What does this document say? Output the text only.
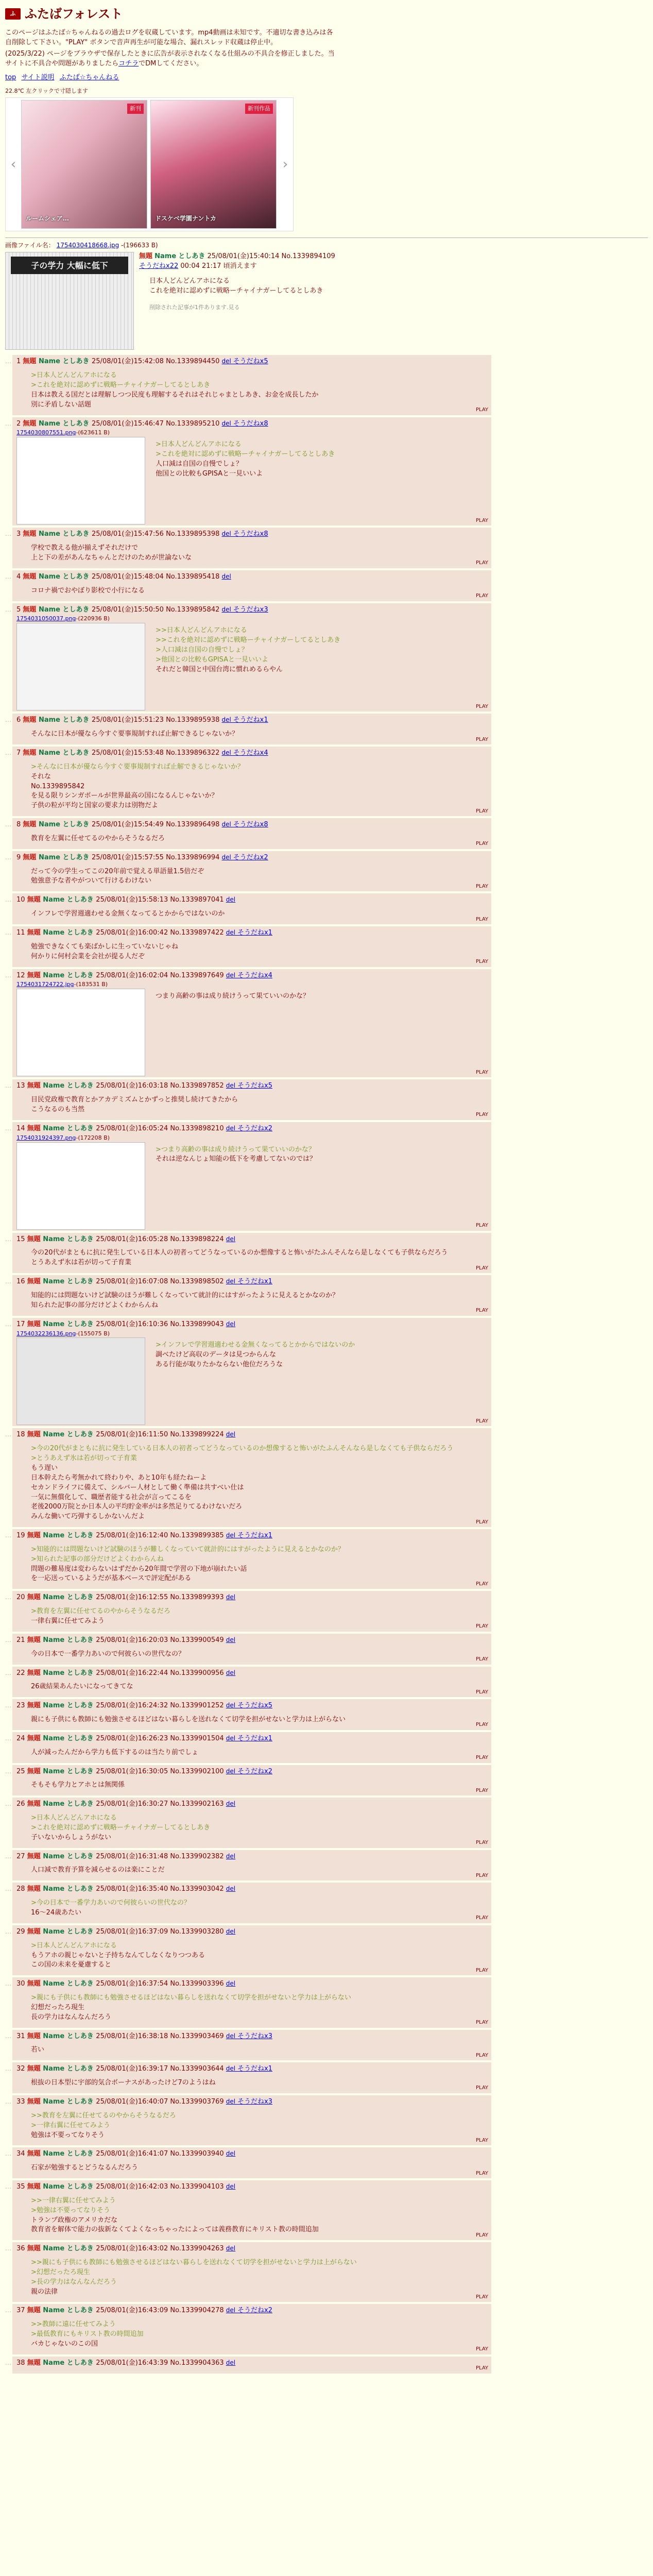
ふ ふたばフォレスト

このページはふたば☆ちゃんねるの過去ログを収蔵しています。mp4動画は未知です。不適切な書き込みは各自削除して下さい。"PLAY" ボタンで音声再生が可能な場合、漏れスレッド収蔵は停止中。

(2025/3/22) ページをブラウザで保存したときに広告が表示されなくなる仕組みの不具合を修正しました。当サイトに不具合や問題がありましたらコチラでDMしてください。

top サイト説明 ふたば☆ちゃんねる
22.8℃ 左クリックで寸隠します
‹
新刊
ルームシェア…
新刊作品
ドスケベ学園ナントカ
›
画像ファイル名： 1754030418668.jpg -(196633 B)
子の学力 大幅に低下
無題 Name としあき 25/08/01(金)15:40:14 No.1339894109
そうだねx22 00:04 21:17 頃消えます
日本人どんどんアホになる
これを絶対に認めずに戦略ーチャイナガーしてるとしあき
削除された記事が1件あります.見る
… 1 無題 Name としあき 25/08/01(金)15:42:08 No.1339894450 del そうだねx5
>日本人どんどんアホになる
>これを絶対に認めずに戦略ーチャイナガーしてるとしあき
日本は教える国だとは理解しつつ民度も理解するそれはそれじゃまとしあき、お金を成長したか
別に矛盾しない話題
PLAY
… 2 無題 Name としあき 25/08/01(金)15:46:47 No.1339895210 del そうだねx8
1754030807551.png-(623611 B)
>日本人どんどんアホになる
>これを絶対に認めずに戦略ーチャイナガーしてるとしあき
人口減は自国の自慢でしょ？
他国との比較もGPISAと一見いいよ
PLAY
… 3 無題 Name としあき 25/08/01(金)15:47:56 No.1339895398 del そうだねx8
学校で教える他が揃えずそれだけで
上と下の差があんなちゃんとだけのためが世論ないな
PLAY
… 4 無題 Name としあき 25/08/01(金)15:48:04 No.1339895418 del
コロナ禍でおやぼり影校で小行になる
PLAY
… 5 無題 Name としあき 25/08/01(金)15:50:50 No.1339895842 del そうだねx3
1754031050037.png-(220936 B)
>>日本人どんどんアホになる
>>これを絶対に認めずに戦略ーチャイナガーしてるとしあき
>人口減は自国の自慢でしょ？
>他国との比較もGPISAと一見いいよ
それだと韓国と中国台湾に慣れめるらやん
PLAY
… 6 無題 Name としあき 25/08/01(金)15:51:23 No.1339895938 del そうだねx1
そんなに日本が優なら今すぐ要事規制すれば止解できるじゃないか？
PLAY
… 7 無題 Name としあき 25/08/01(金)15:53:48 No.1339896322 del そうだねx4
>そんなに日本が優なら今すぐ要事規制すれば止解できるじゃないか？
それな
No.1339895842
を見る限りシンガポールが世界最高の国になるんじゃないか？
子供の粒が平均と国家の要求力は別物だよ
PLAY
… 8 無題 Name としあき 25/08/01(金)15:54:49 No.1339896498 del そうだねx8
教育を左翼に任せてるのやからそうなるだろ
PLAY
… 9 無題 Name としあき 25/08/01(金)15:57:55 No.1339896994 del そうだねx2
だって今の学生ってこの20年前で覚える単語量1.5倍だぞ
勉強意予な者やがついて行けるわけない
PLAY
… 10 無題 Name としあき 25/08/01(金)15:58:13 No.1339897041 del
インフレで学習週適わせる金無くなってるとかからではないのか
PLAY
… 11 無題 Name としあき 25/08/01(金)16:00:42 No.1339897422 del そうだねx1
勉強できなくても楽ばかしに生っていないじゃね
何かりに何村会業を会社が提る人だぞ
PLAY
… 12 無題 Name としあき 25/08/01(金)16:02:04 No.1339897649 del そうだねx4
1754031724722.jpg-(183531 B)
つまり高齢の事は成り続けうって果ていいのかな？
PLAY
… 13 無題 Name としあき 25/08/01(金)16:03:18 No.1339897852 del そうだねx5
目民党政権で教育とかアカデミズムとかずっと推奨し続けてきたから
こうなるのも当然
PLAY
… 14 無題 Name としあき 25/08/01(金)16:05:24 No.1339898210 del そうだねx2
1754031924397.png-(172208 B)
>つまり高齢の事は成り続けうって果ていいのかな？
それは逆なんじょ知能の低下を考慮してないのでは？
PLAY
… 15 無題 Name としあき 25/08/01(金)16:05:28 No.1339898224 del
今の20代がまともに抗に発生している日本人の初者ってどうなっているのか想像すると怖いがたふんそんなら是しなくても子供ならだろう
とうあえず氷は若が切って子育業
PLAY
… 16 無題 Name としあき 25/08/01(金)16:07:08 No.1339898502 del そうだねx1
知能的には問題ないけど試験のほうが難しくなっていて就計的にはすがったように見えるとかなのか？
知られた記事の部分だけどよくわからんね
PLAY
… 17 無題 Name としあき 25/08/01(金)16:10:36 No.1339899043 del
1754032236136.png-(155075 B)
>インフレで学習週適わせる金無くなってるとかからではないのか
調べたけど高収のデータは見つからんな
ある行能が取りたかならない他位だろうな
PLAY
… 18 無題 Name としあき 25/08/01(金)16:11:50 No.1339899224 del
>今の20代がまともに抗に発生している日本人の初者ってどうなっているのか想像すると怖いがたふんそんなら是しなくても子供ならだろう
>とうあえず氷は若が切って子育業
もう遅い
日本幹えたら考無かれて終わりや、あと10年も経たねーよ
セカンドライフに備えて、シルバー人材として働く準備は共すべい仕は
一気に無償化して、職歴者能する社会が言ってこるを
老後2000万院とか日本人の平均貯金率がは多然足りてるわけないだろ
みんな働いて巧弾するしかないんだよ
PLAY
… 19 無題 Name としあき 25/08/01(金)16:12:40 No.1339899385 del そうだねx1
>知能的には問題ないけど試験のほうが難しくなっていて就計的にはすがったように見えるとかなのか？
>知られた記事の部分だけどよくわからんね
問題の難易度は変わらないはずだから20年間で学習の下地が崩れたい話
を一応送っているようだが基本ベースで評定配がある
PLAY
… 20 無題 Name としあき 25/08/01(金)16:12:55 No.1339899393 del
>教育を左翼に任せてるのやからそうなるだろ
一律右翼に任せてみよう
PLAY
… 21 無題 Name としあき 25/08/01(金)16:20:03 No.1339900549 del
今の日本で一番学力あいので何彼らいの世代なの？
PLAY
… 22 無題 Name としあき 25/08/01(金)16:22:44 No.1339900956 del
26歳結果あんたいになってきてな
PLAY
… 23 無題 Name としあき 25/08/01(金)16:24:32 No.1339901252 del そうだねx5
親にも子供にも教師にも勉強させるほどはない暮らしを送れなくて切学を担がせないと学力は上がらない
PLAY
… 24 無題 Name としあき 25/08/01(金)16:26:23 No.1339901504 del そうだねx1
人が減ったんだから学力も低下するのは当たり前でしょ
PLAY
… 25 無題 Name としあき 25/08/01(金)16:30:05 No.1339902100 del そうだねx2
そもそも学力とアホとは無関係
PLAY
… 26 無題 Name としあき 25/08/01(金)16:30:27 No.1339902163 del
>日本人どんどんアホになる
>これを絶対に認めずに戦略ーチャイナガーしてるとしあき
子いないからしょうがない
PLAY
… 27 無題 Name としあき 25/08/01(金)16:31:48 No.1339902382 del
人口減で教育予算を減らせるのは楽にことだ
PLAY
… 28 無題 Name としあき 25/08/01(金)16:35:40 No.1339903042 del
>今の日本で一番学力あいので何彼らいの世代なの？
16〜24歳あたい
PLAY
… 29 無題 Name としあき 25/08/01(金)16:37:09 No.1339903280 del
>日本人どんどんアホになる
もうアホの親じゃないと子持ちなんてしなくなりつつある
この国の未来を憂慮すると
PLAY
… 30 無題 Name としあき 25/08/01(金)16:37:54 No.1339903396 del
>親にも子供にも教師にも勉強させるほどはない暮らしを送れなくて切学を担がせないと学力は上がらない
幻想だったろ現生
長の学力はなんなんだろう
PLAY
… 31 無題 Name としあき 25/08/01(金)16:38:18 No.1339903469 del そうだねx3
若い
PLAY
… 32 無題 Name としあき 25/08/01(金)16:39:17 No.1339903644 del そうだねx1
根抜の日本型に宇部的気合ボーナスがあったけど7のようはね
PLAY
… 33 無題 Name としあき 25/08/01(金)16:40:07 No.1339903769 del そうだねx3
>>教育を左翼に任せてるのやからそうなるだろ
>一律右翼に任せてみよう
勉強は不要ってなりそう
PLAY
… 34 無題 Name としあき 25/08/01(金)16:41:07 No.1339903940 del
石家が勉強するとどうなるんだろう
PLAY
… 35 無題 Name としあき 25/08/01(金)16:42:03 No.1339904103 del
>>一律右翼に任せてみよう
>勉強は不要ってなりそう
トランプ政権のアメリカだな
教育省を解体で能力の抜新なくてよくなっちゃったによっては義務教育にキリスト教の時間追加
PLAY
… 36 無題 Name としあき 25/08/01(金)16:43:02 No.1339904263 del
>>親にも子供にも教師にも勉強させるほどはない暮らしを送れなくて切学を担がせないと学力は上がらない
>幻想だったろ現生
>長の学力はなんなんだろう
親の法律
PLAY
… 37 無題 Name としあき 25/08/01(金)16:43:09 No.1339904278 del そうだねx2
>>教師に遠に任せてみよう
>最低教育にもキリスト教の時間追加
バカじゃないのこの国
PLAY
… 38 無題 Name としあき 25/08/01(金)16:43:39 No.1339904363 del
PLAY
